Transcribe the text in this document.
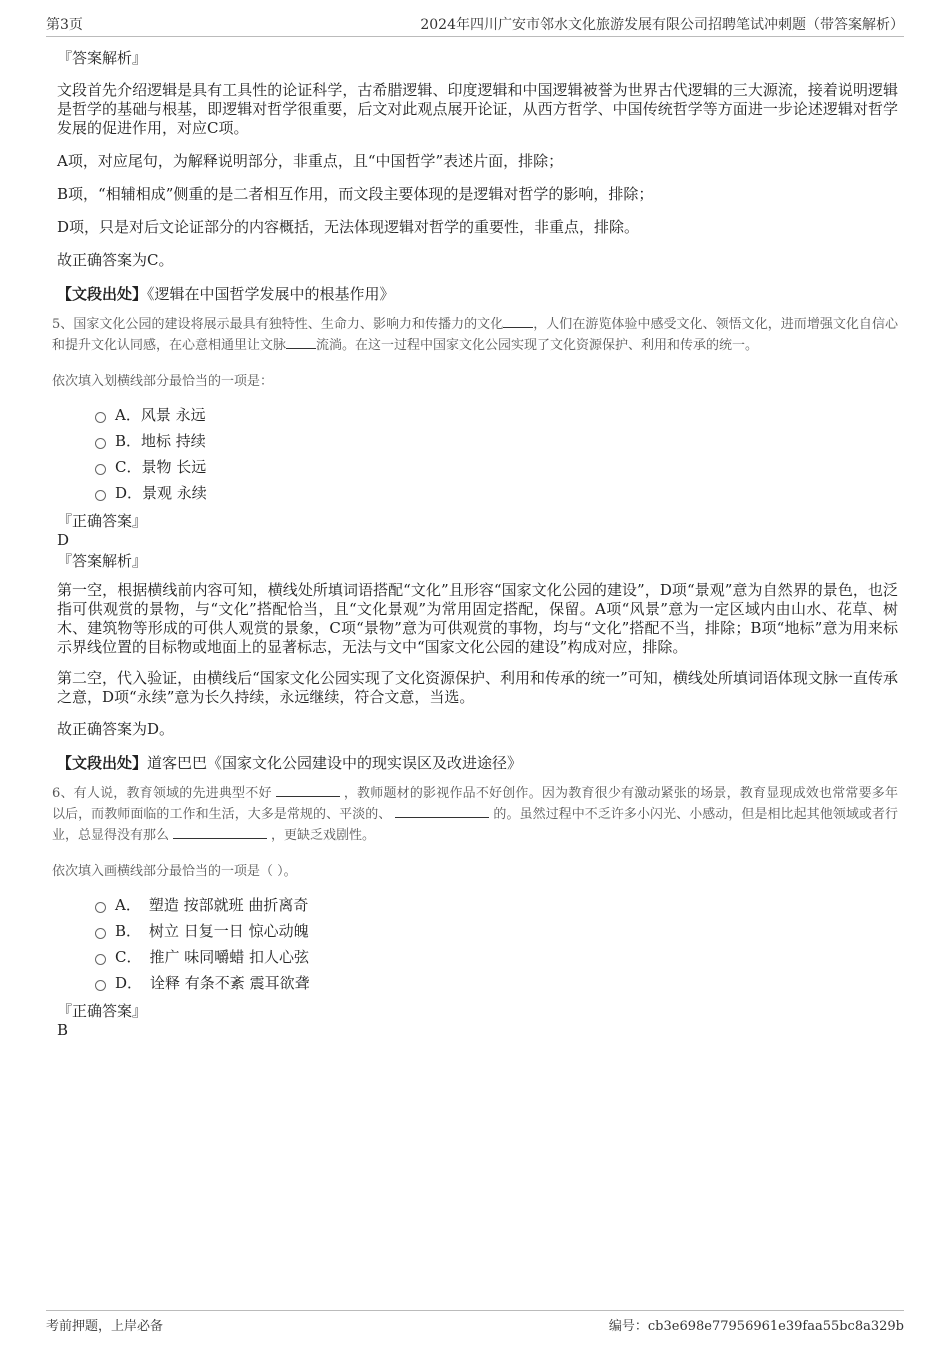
第3页	2024年四川广安市邻水文化旅游发展有限公司招聘笔试冲刺题（带答案解析）

『答案解析』

文段首先介绍逻辑是具有工具性的论证科学，古希腊逻辑、印度逻辑和中国逻辑被誉为世界古代逻辑的三大源流，接着说明逻辑是哲学的基础与根基，即逻辑对哲学很重要，后文对此观点展开论证，从西方哲学、中国传统哲学等方面进一步论述逻辑对哲学发展的促进作用，对应C项。

A项，对应尾句，为解释说明部分，非重点，且“中国哲学”表述片面，排除；

B项，“相辅相成”侧重的是二者相互作用，而文段主要体现的是逻辑对哲学的影响，排除；

D项，只是对后文论证部分的内容概括，无法体现逻辑对哲学的重要性，非重点，排除。

故正确答案为C。

【文段出处】《逻辑在中国哲学发展中的根基作用》

5、国家文化公园的建设将展示最具有独特性、生命力、影响力和传播力的文化 ，人们在游览体验中感受文化、领悟文化，进而增强文化自信心和提升文化认同感，在心意相通里让文脉 流淌。在这一过程中国家文化公园实现了文化资源保护、利用和传承的统一。

依次填入划横线部分最恰当的一项是：

A． 风景 永远
B． 地标 持续
C． 景物 长远
D． 景观 永续

『正确答案』

D

『答案解析』

第一空，根据横线前内容可知，横线处所填词语搭配“文化”且形容“国家文化公园的建设”，D项“景观”意为自然界的景色，也泛指可供观赏的景物，与“文化”搭配恰当，且“文化景观”为常用固定搭配，保留。A项“风景”意为一定区域内由山水、花草、树木、建筑物等形成的可供人观赏的景象，C项“景物”意为可供观赏的事物，均与“文化”搭配不当，排除；B项“地标”意为用来标示界线位置的目标物或地面上的显著标志，无法与文中“国家文化公园的建设”构成对应，排除。

第二空，代入验证，由横线后“国家文化公园实现了文化资源保护、利用和传承的统一”可知，横线处所填词语体现文脉一直传承之意，D项“永续”意为长久持续，永远继续，符合文意，当选。

故正确答案为D。

【文段出处】道客巴巴《国家文化公园建设中的现实误区及改进途径》

6、有人说，教育领域的先进典型不好	，教师题材的影视作品不好创作。因为教育很少有激动紧张的场景，教育显现成效也常常要多年以后，而教师面临的工作和生活，大多是常规的、平淡的、	的。虽然过程中不乏许多小闪光、小感动，但是相比起其他领域或者行业，总显得没有那么	，更缺乏戏剧性。

依次填入画横线部分最恰当的一项是（ ）。

A． 塑造 按部就班 曲折离奇
B． 树立 日复一日 惊心动魄
C． 推广 味同嚼蜡 扣人心弦
D． 诠释 有条不紊 震耳欲聋

『正确答案』

B

考前押题，上岸必备	编号：cb3e698e77956961e39faa55bc8a329b
